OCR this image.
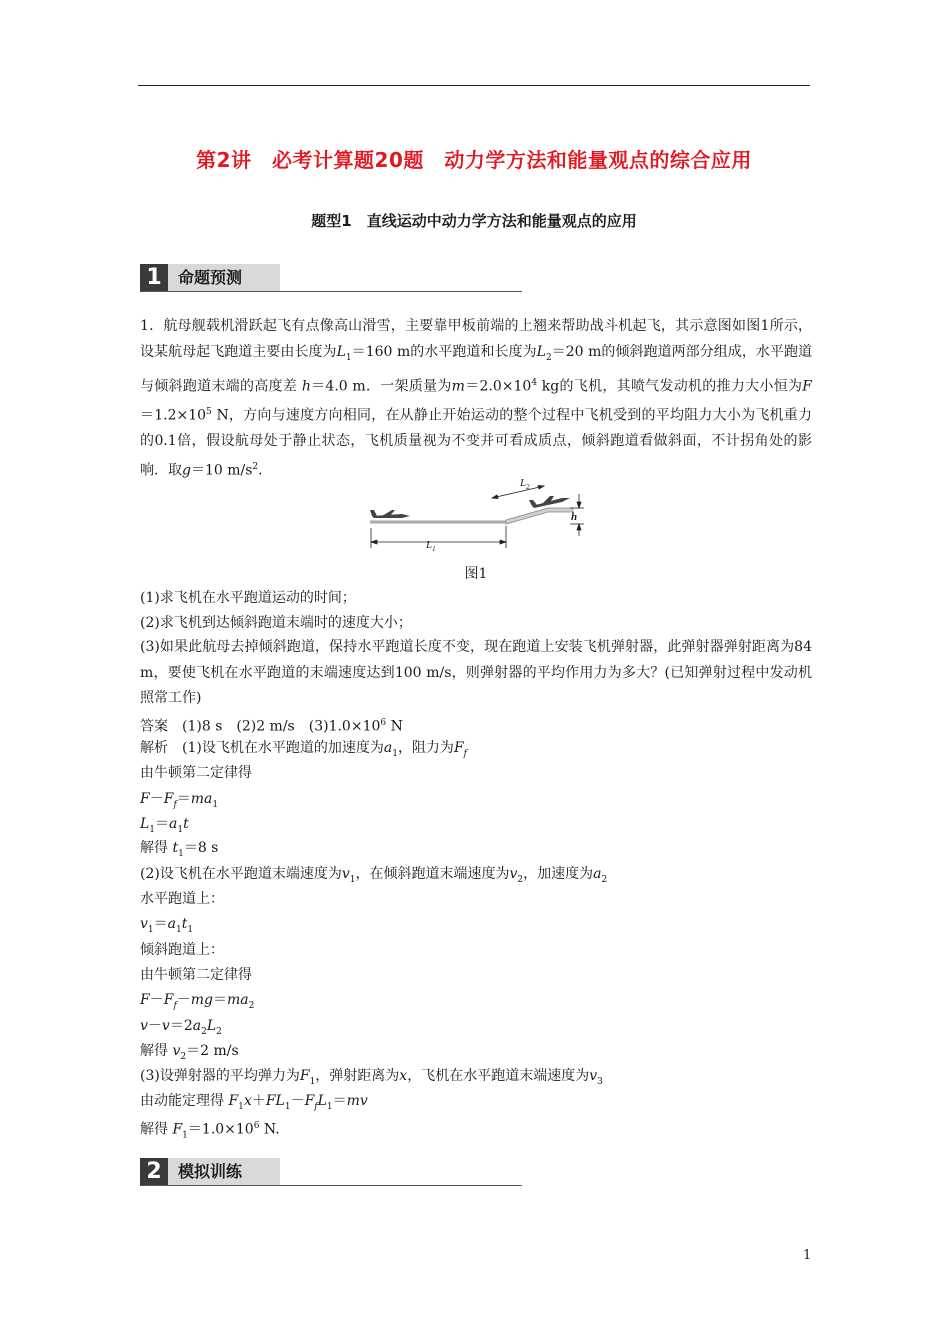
第2讲　必考计算题20题　动力学方法和能量观点的综合应用
题型1　直线运动中动力学方法和能量观点的应用
1	命题预测
1．航母舰载机滑跃起飞有点像高山滑雪，主要靠甲板前端的上翘来帮助战斗机起飞，其示意图如图1所示，设某航母起飞跑道主要由长度为$L_1=160$ m的水平跑道和长度为$L_2=20$ m的倾斜跑道两部分组成，水平跑道与倾斜跑道末端的高度差 h＝4.0 m．一架质量为$m=2.0\times 10^4$ kg的飞机，其喷气发动机的推力大小恒为$F=1.2\times 10^5$ N，方向与速度方向相同，在从静止开始运动的整个过程中飞机受到的平均阻力大小为飞机重力的0.1倍，假设航母处于静止状态，飞机质量视为不变并可看成质点，倾斜跑道看做斜面，不计拐角处的影响．取g＝10 $m/s^2$.
$L_1$
$L_2$
h
图1
(1)求飞机在水平跑道运动的时间；
(2)求飞机到达倾斜跑道末端时的速度大小；
(3)如果此航母去掉倾斜跑道，保持水平跑道长度不变，现在跑道上安装飞机弹射器，此弹射器弹射距离为84 m，要使飞机在水平跑道的末端速度达到100 m/s，则弹射器的平均作用力为多大？(已知弹射过程中发动机照常工作)
答案　(1)8 s　(2)2 m/s　$(3)1.0\times 10^6$ N
解析　(1)设飞机在水平跑道的加速度为$a_1$，阻力为$F_f$
由牛顿第二定律得
$F-F_f=ma_1$
$L_1=a_1t$
解得 $t_1=8$ s
(2)设飞机在水平跑道末端速度为$v_1$，在倾斜跑道末端速度为$v_2$，加速度为$a_2$
水平跑道上：
$v_1=a_1t_1$
倾斜跑道上：
由牛顿第二定律得
$F-F_f-mg=ma_2$
$v-v=2a_2L_2$
解得 $v_2=2$ m/s
(3)设弹射器的平均弹力为$F_1$，弹射距离为x，飞机在水平跑道末端速度为$v_3$
由动能定理得 $F_1x+FL_1-F_fL_1=mv$
解得 $F_1=1.0\times 10^6$ N.
2	模拟训练
1
